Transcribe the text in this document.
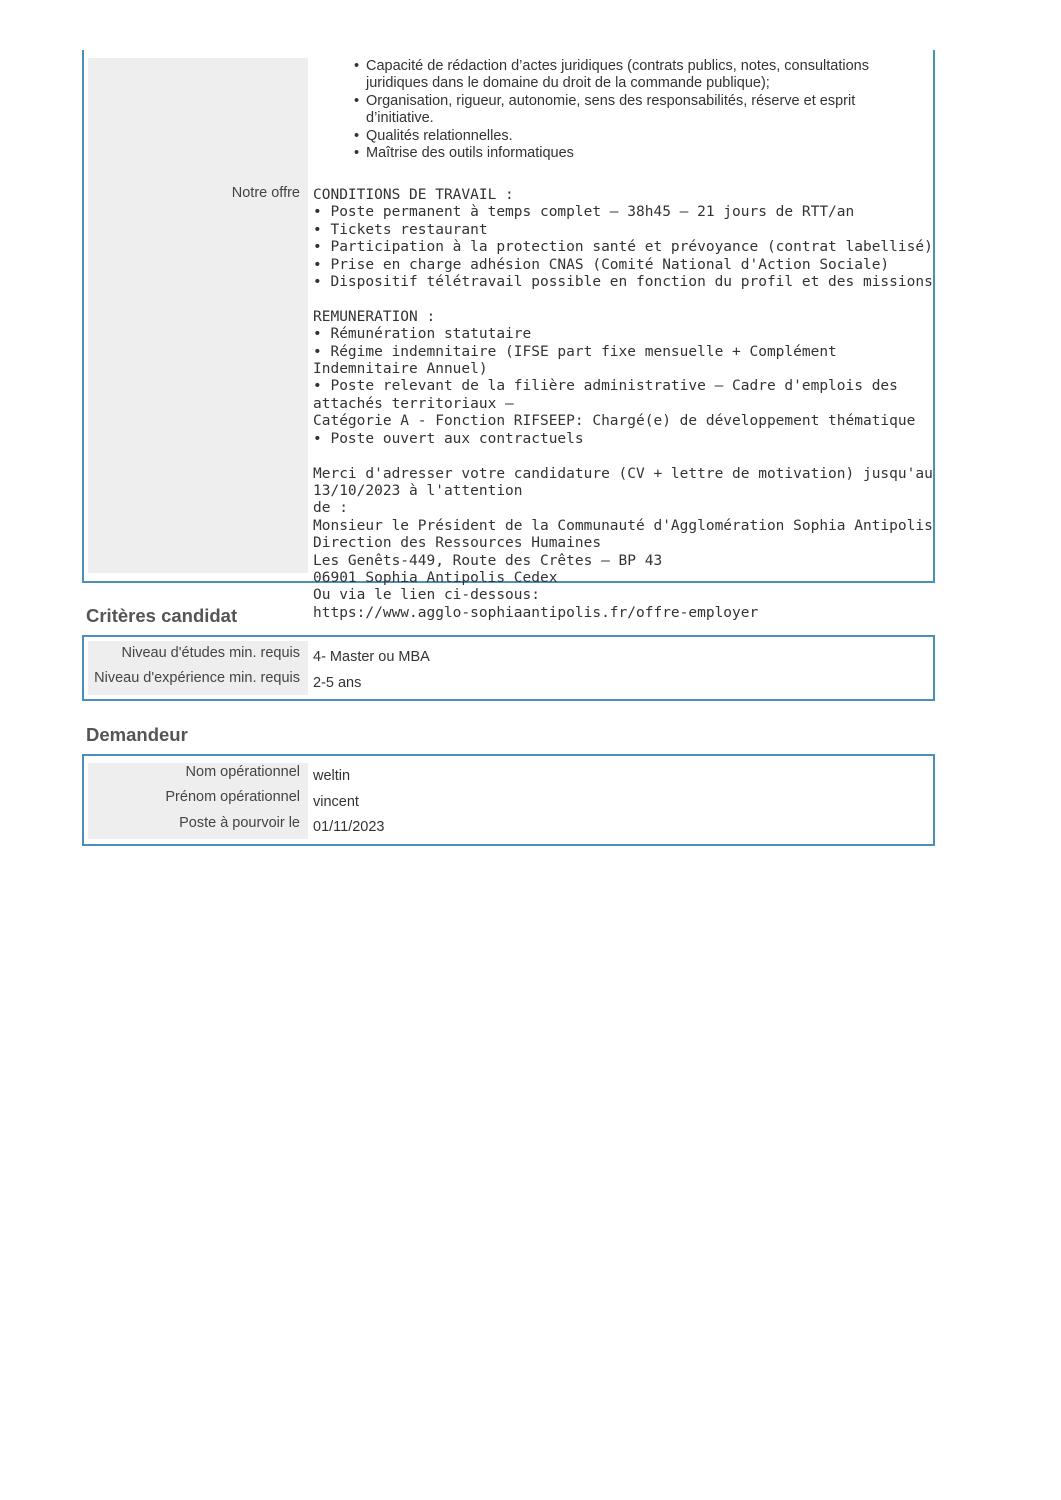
• Capacité de rédaction d’actes juridiques (contrats publics, notes, consultations juridiques dans le domaine du droit de la commande publique);
• Organisation, rigueur, autonomie, sens des responsabilités, réserve et esprit d’initiative.
• Qualités relationnelles.
• Maîtrise des outils informatiques
Notre offre CONDITIONS DE TRAVAIL :
• Poste permanent à temps complet – 38h45 – 21 jours de RTT/an
• Tickets restaurant
• Participation à la protection santé et prévoyance (contrat labellisé)
• Prise en charge adhésion CNAS (Comité National d'Action Sociale)
• Dispositif télétravail possible en fonction du profil et des missions

REMUNERATION :
• Rémunération statutaire
• Régime indemnitaire (IFSE part fixe mensuelle + Complément Indemnitaire Annuel)
• Poste relevant de la filière administrative – Cadre d'emplois des attachés territoriaux –
Catégorie A - Fonction RIFSEEP: Chargé(e) de développement thématique
• Poste ouvert aux contractuels

Merci d'adresser votre candidature (CV + lettre de motivation) jusqu'au 13/10/2023 à l'attention
de :
Monsieur le Président de la Communauté d'Agglomération Sophia Antipolis
Direction des Ressources Humaines
Les Genêts-449, Route des Crêtes – BP 43
06901 Sophia Antipolis Cedex
Ou via le lien ci-dessous:
https://www.agglo-sophiaantipolis.fr/offre-employer
Critères candidat
Niveau d'études min. requis 4- Master ou MBA
Niveau d'expérience min. requis 2-5 ans
Demandeur
Nom opérationnel weltin
Prénom opérationnel vincent
Poste à pourvoir le 01/11/2023
